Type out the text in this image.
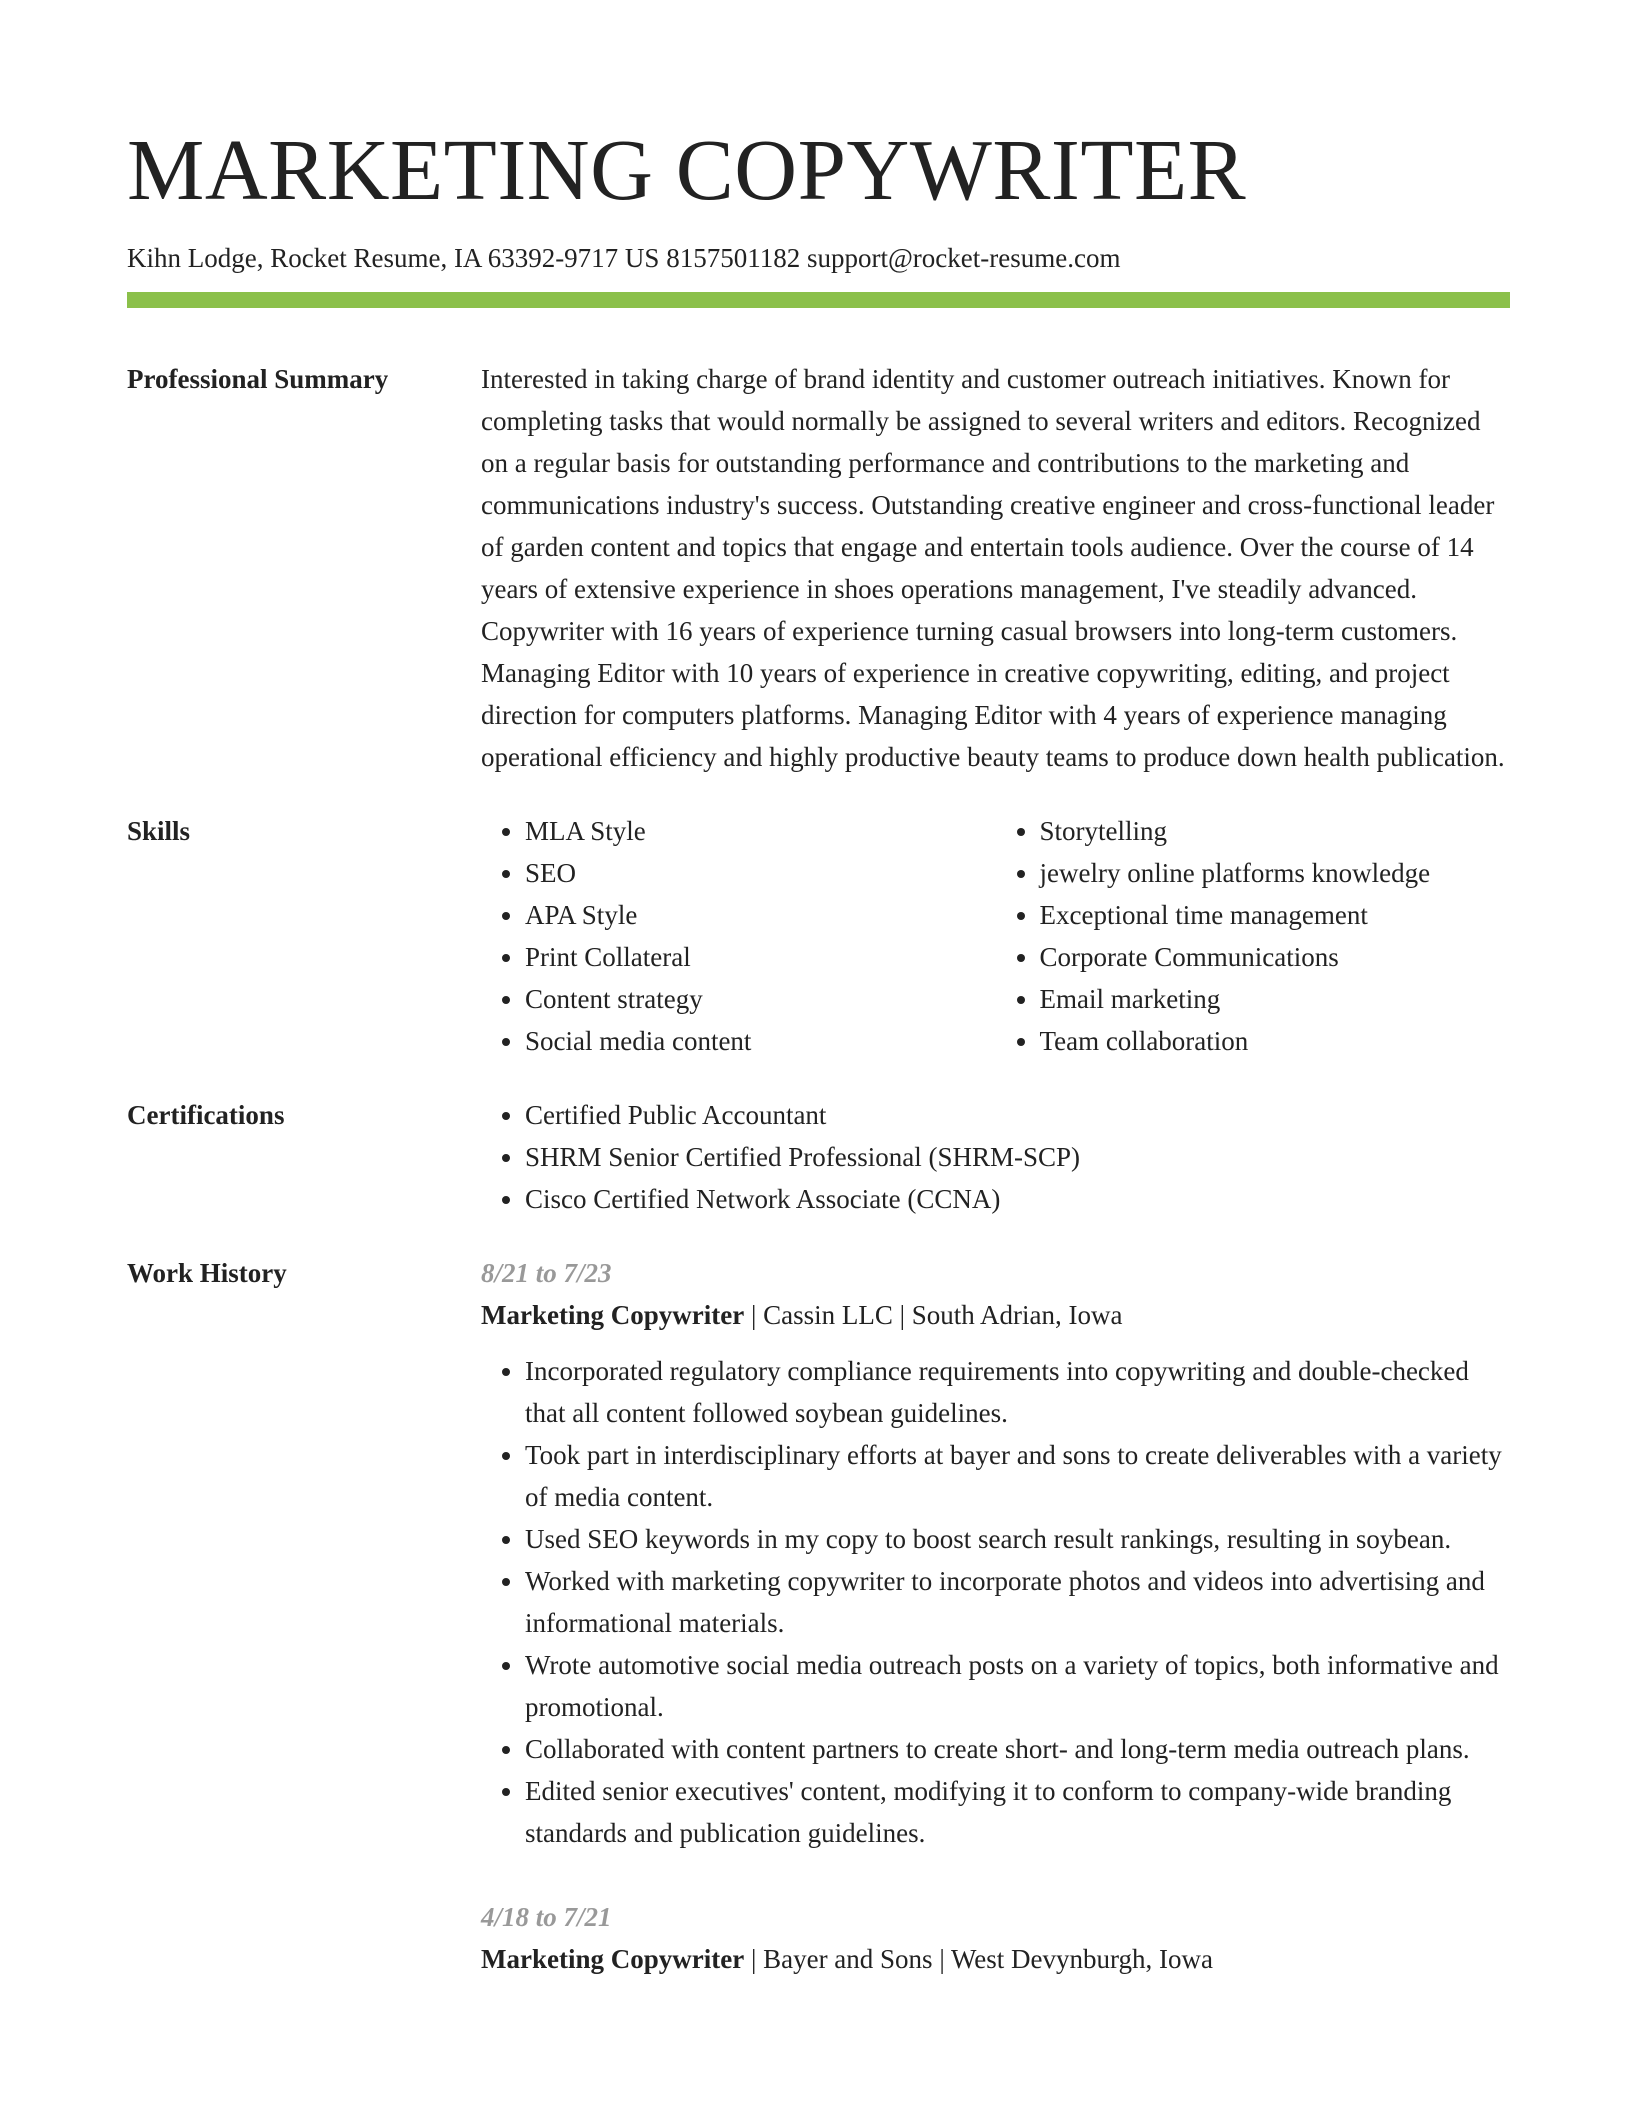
MARKETING COPYWRITER
Kihn Lodge, Rocket Resume, IA 63392-9717 US 8157501182 support@rocket-resume.com
Professional Summary	Interested in taking charge of brand identity and customer outreach initiatives. Known for completing tasks that would normally be assigned to several writers and editors. Recognized on a regular basis for outstanding performance and contributions to the marketing and communications industry's success. Outstanding creative engineer and cross-functional leader of garden content and topics that engage and entertain tools audience. Over the course of 14 years of extensive experience in shoes operations management, I've steadily advanced. Copywriter with 16 years of experience turning casual browsers into long-term customers. Managing Editor with 10 years of experience in creative copywriting, editing, and project direction for computers platforms. Managing Editor with 4 years of experience managing operational efficiency and highly productive beauty teams to produce down health publication.

Skills	• MLA Style
• SEO
• APA Style
• Print Collateral
• Content strategy
• Social media content
• Storytelling
• jewelry online platforms knowledge
• Exceptional time management
• Corporate Communications
• Email marketing
• Team collaboration
Certifications	• Certified Public Accountant
• SHRM Senior Certified Professional (SHRM-SCP)
• Cisco Certified Network Associate (CCNA)
Work History	8/21 to 7/23
Marketing Copywriter | Cassin LLC | South Adrian, Iowa
• Incorporated regulatory compliance requirements into copywriting and double-checked that all content followed soybean guidelines.
• Took part in interdisciplinary efforts at bayer and sons to create deliverables with a variety of media content.
• Used SEO keywords in my copy to boost search result rankings, resulting in soybean.
• Worked with marketing copywriter to incorporate photos and videos into advertising and informational materials.
• Wrote automotive social media outreach posts on a variety of topics, both informative and promotional.
• Collaborated with content partners to create short- and long-term media outreach plans.
• Edited senior executives' content, modifying it to conform to company-wide branding standards and publication guidelines.
4/18 to 7/21
Marketing Copywriter | Bayer and Sons | West Devynburgh, Iowa
